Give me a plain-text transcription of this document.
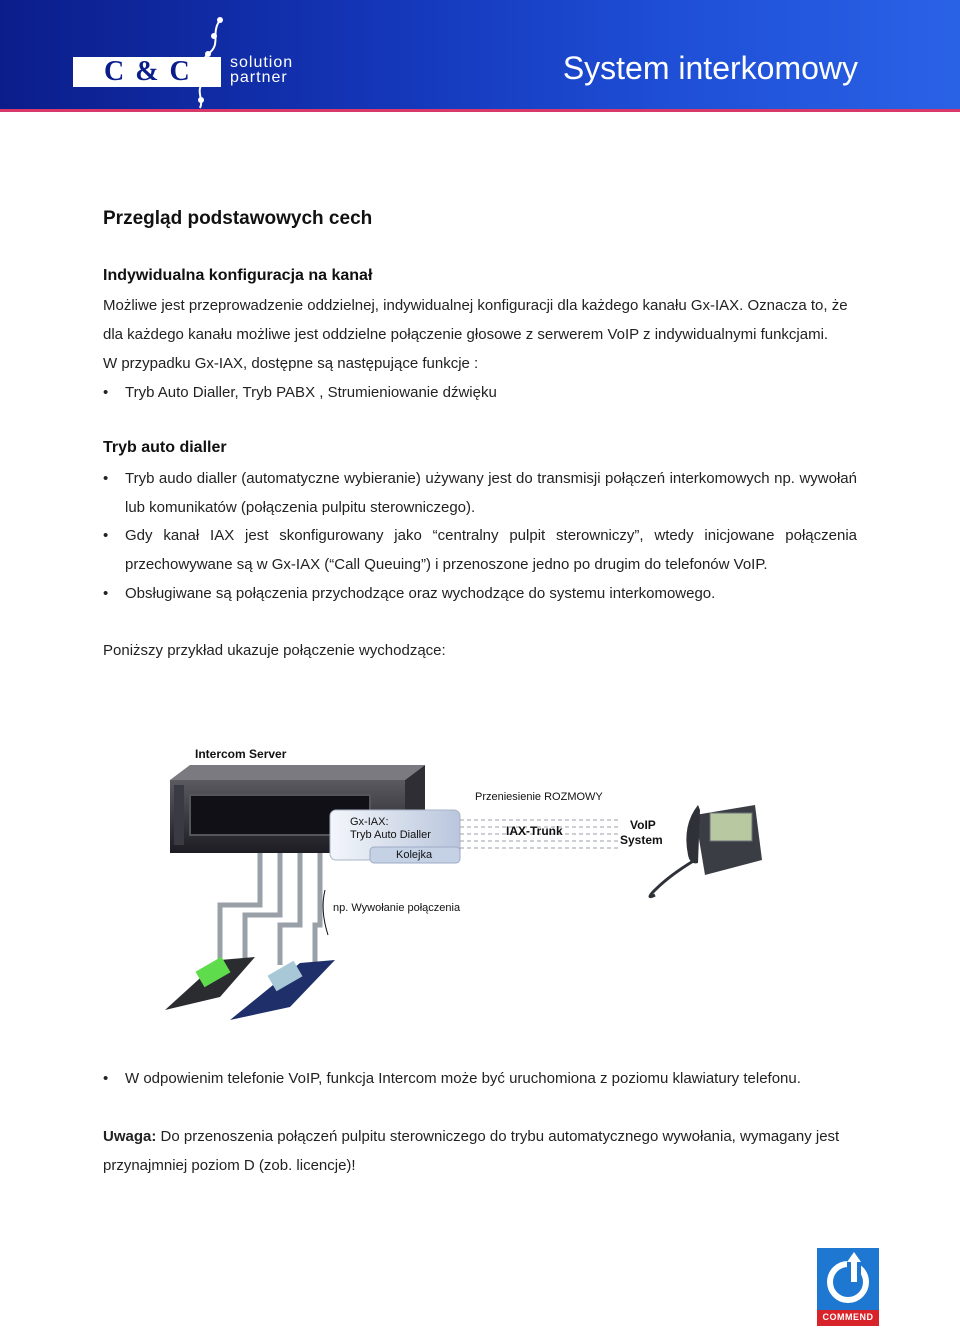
C & C solution
partner	System interkomowy
Przegląd podstawowych cech
Indywidualna konfiguracja na kanał
Możliwe jest przeprowadzenie oddzielnej, indywidualnej konfiguracji dla każdego kanału Gx-IAX. Oznacza to, że dla każdego kanału możliwe jest oddzielne połączenie głosowe z serwerem VoIP z indywidualnymi funkcjami.
W przypadku Gx-IAX, dostępne są następujące funkcje :
• Tryb Auto Dialler, Tryb PABX , Strumieniowanie dźwięku
Tryb auto dialler
• Tryb audo dialler (automatyczne wybieranie) używany jest do transmisji połączeń interkomowych np. wywołań lub komunikatów (połączenia pulpitu sterowniczego).
• Gdy kanał IAX jest skonfigurowany jako “centralny pulpit sterowniczy”, wtedy inicjowane połączenia przechowywane są w Gx-IAX (“Call Queuing”) i przenoszone jedno po drugim do telefonów VoIP.
• Obsługiwane są połączenia przychodzące oraz wychodzące do systemu interkomowego.
Poniższy przykład ukazuje połączenie wychodzące:
Intercom Server
Przeniesienie ROZMOWY
Gx-IAX:
Tryb Auto Dialler
Kolejka
IAX-Trunk	VoIP
System
np. Wywołanie połączenia
• W odpowienim telefonie VoIP, funkcja Intercom może być uruchomiona z poziomu klawiatury telefonu.
Uwaga: Do przenoszenia połączeń pulpitu sterowniczego do trybu automatycznego wywołania, wymagany jest przynajmniej poziom D (zob. licencje)!
COMMEND
